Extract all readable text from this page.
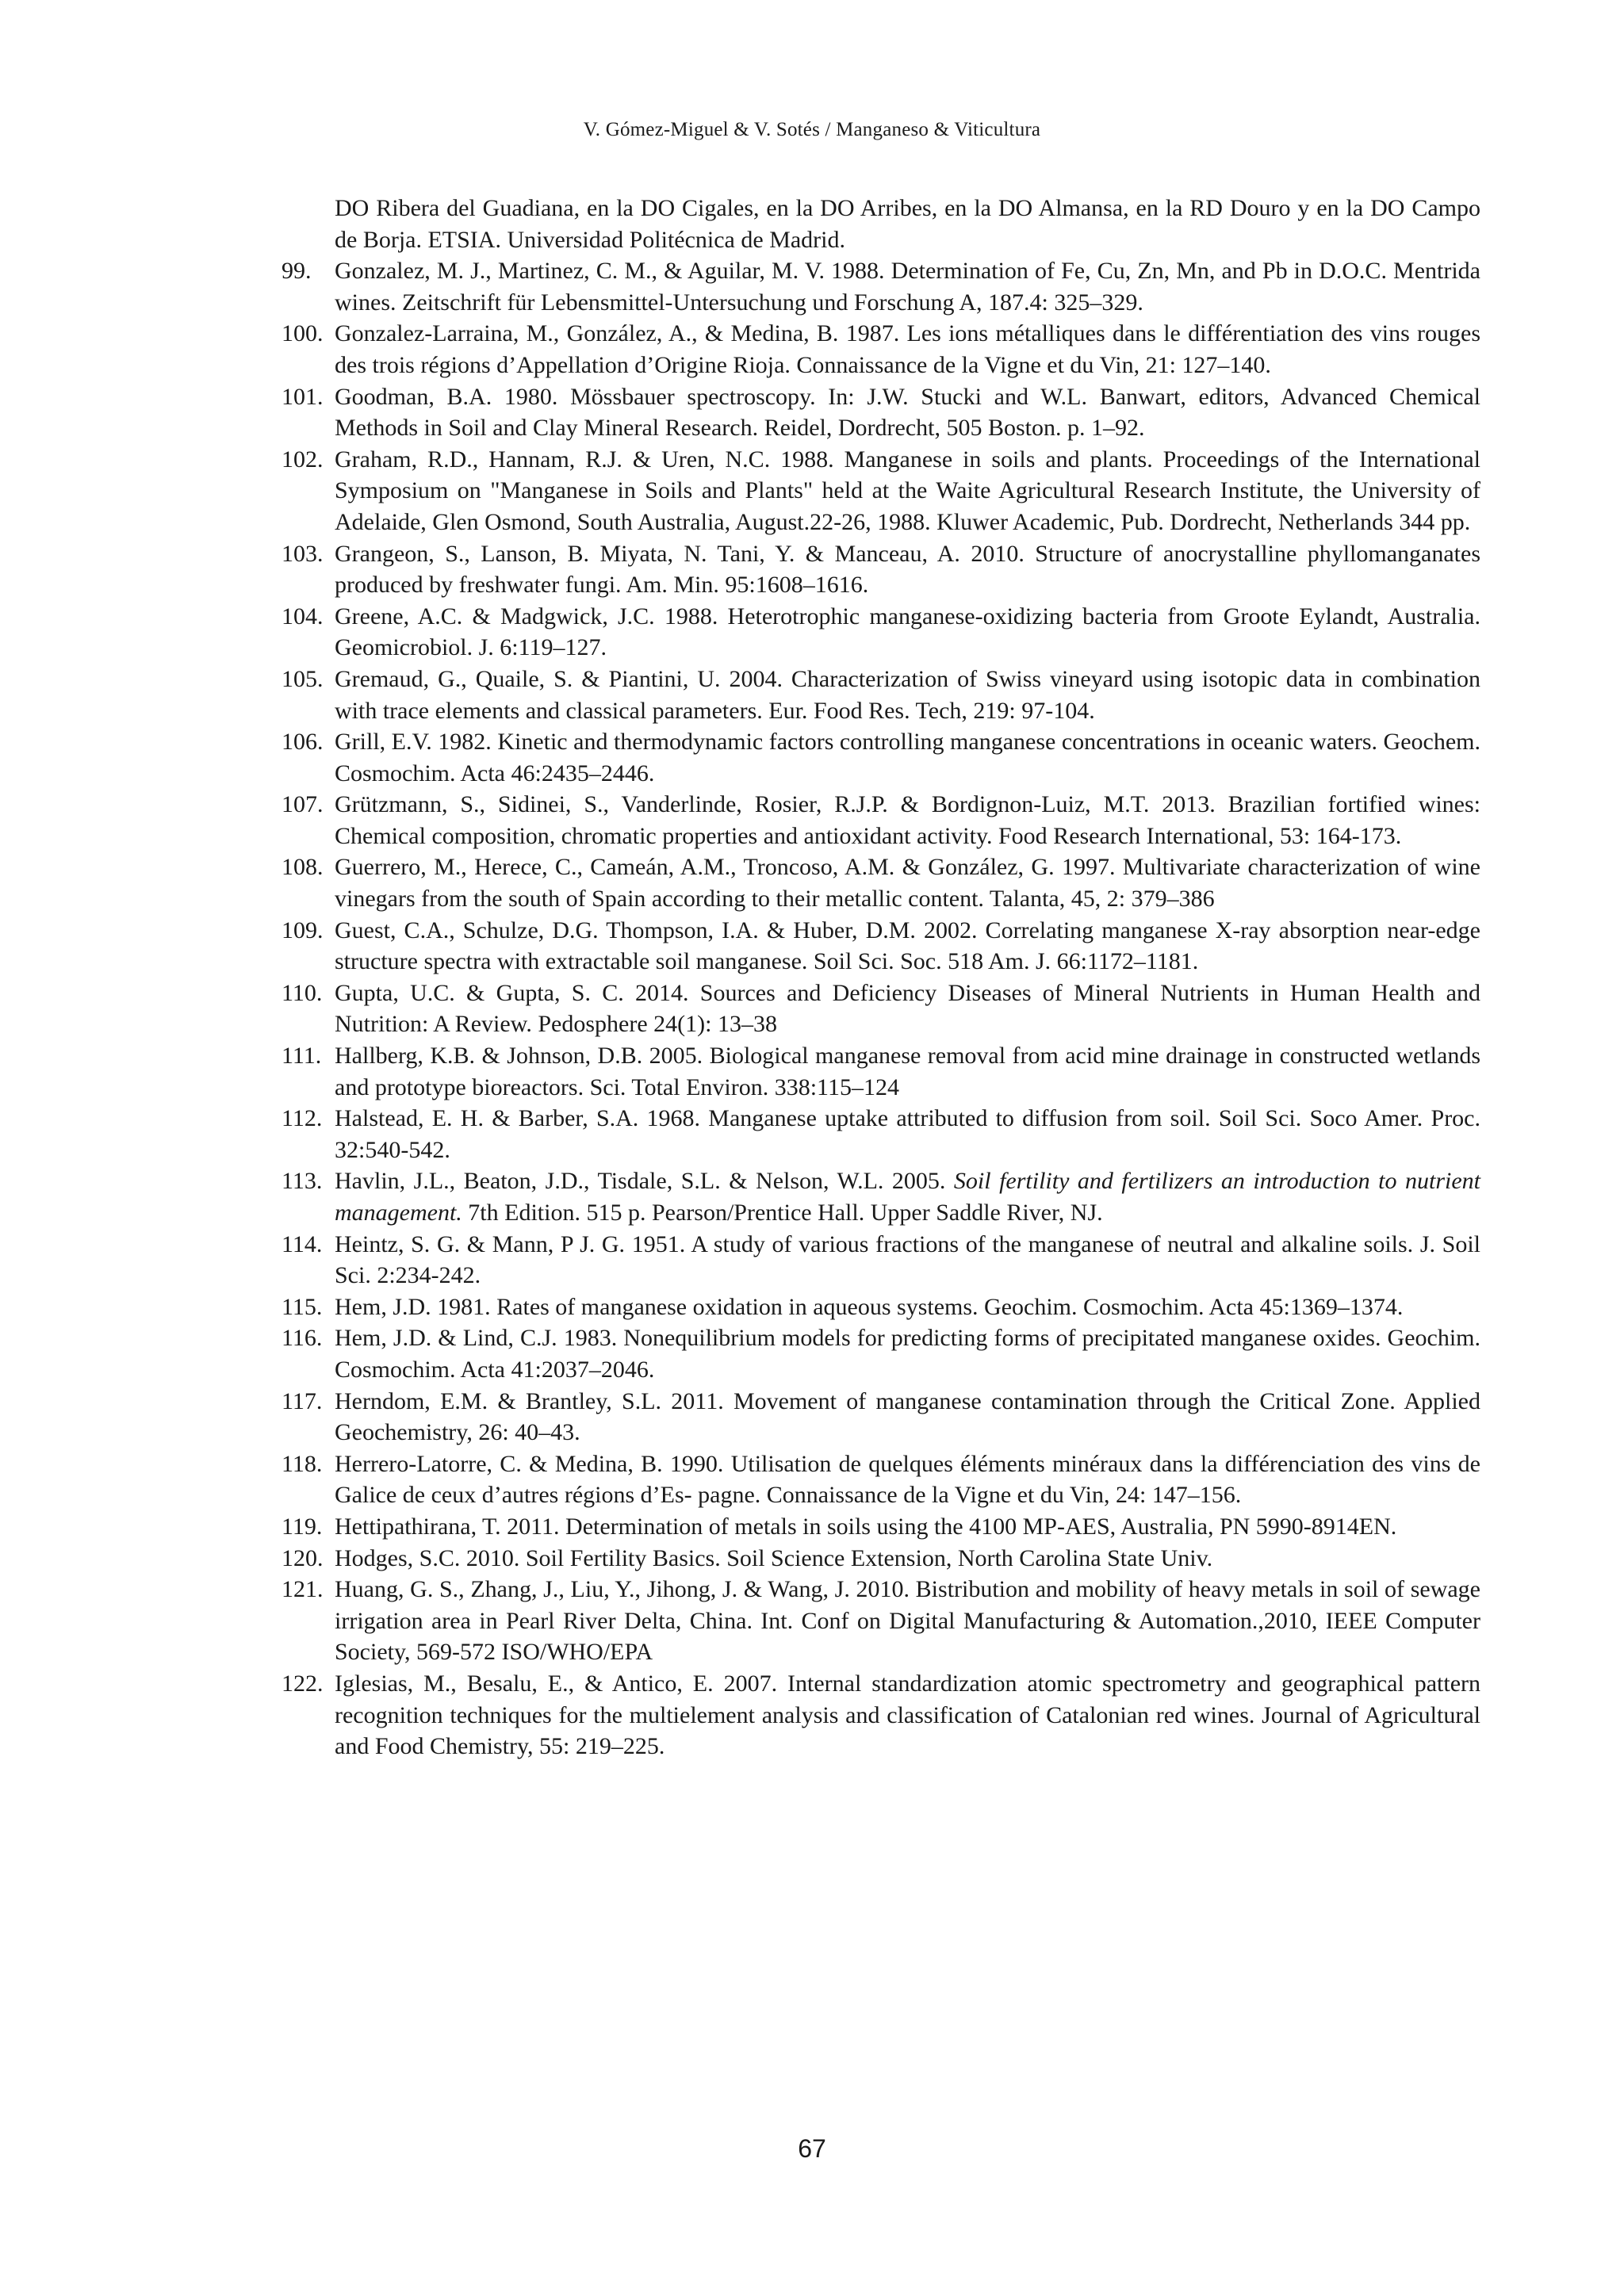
V. Gómez-Miguel & V. Sotés / Manganeso & Viticultura
DO Ribera del Guadiana, en la DO Cigales, en la DO Arribes, en la DO Almansa, en la RD Douro y en la DO Campo de Borja. ETSIA. Universidad Politécnica de Madrid.
99. Gonzalez, M. J., Martinez, C. M., & Aguilar, M. V. 1988. Determination of Fe, Cu, Zn, Mn, and Pb in D.O.C. Mentrida wines. Zeitschrift für Lebensmittel-Untersuchung und Forschung A, 187.4: 325–329.
100. Gonzalez-Larraina, M., González, A., & Medina, B. 1987. Les ions métalliques dans le différentiation des vins rouges des trois régions d’Appellation d’Origine Rioja. Connaissance de la Vigne et du Vin, 21: 127–140.
101. Goodman, B.A. 1980. Mössbauer spectroscopy. In: J.W. Stucki and W.L. Banwart, editors, Advanced Chemical Methods in Soil and Clay Mineral Research. Reidel, Dordrecht, 505 Boston. p. 1–92.
102. Graham, R.D., Hannam, R.J. & Uren, N.C. 1988. Manganese in soils and plants. Proceedings of the International Symposium on "Manganese in Soils and Plants" held at the Waite Agricultural Research Institute, the University of Adelaide, Glen Osmond, South Australia, August.22-26, 1988. Kluwer Academic, Pub. Dordrecht, Netherlands 344 pp.
103. Grangeon, S., Lanson, B. Miyata, N. Tani, Y. & Manceau, A. 2010. Structure of anocrystalline phyllomanganates produced by freshwater fungi. Am. Min. 95:1608–1616.
104. Greene, A.C. & Madgwick, J.C. 1988. Heterotrophic manganese-oxidizing bacteria from Groote Eylandt, Australia. Geomicrobiol. J. 6:119–127.
105. Gremaud, G., Quaile, S. & Piantini, U. 2004. Characterization of Swiss vineyard using isotopic data in combination with trace elements and classical parameters. Eur. Food Res. Tech, 219: 97-104.
106. Grill, E.V. 1982. Kinetic and thermodynamic factors controlling manganese concentrations in oceanic waters. Geochem. Cosmochim. Acta 46:2435–2446.
107. Grützmann, S., Sidinei, S., Vanderlinde, Rosier, R.J.P. & Bordignon-Luiz, M.T. 2013. Brazilian fortified wines: Chemical composition, chromatic properties and antioxidant activity. Food Research International, 53: 164-173.
108. Guerrero, M., Herece, C., Cameán, A.M., Troncoso, A.M. & González, G. 1997. Multivariate characterization of wine vinegars from the south of Spain according to their metallic content. Talanta, 45, 2: 379–386
109. Guest, C.A., Schulze, D.G. Thompson, I.A. & Huber, D.M. 2002. Correlating manganese X-ray absorption near-edge structure spectra with extractable soil manganese. Soil Sci. Soc. 518 Am. J. 66:1172–1181.
110. Gupta, U.C. & Gupta, S. C. 2014. Sources and Deficiency Diseases of Mineral Nutrients in Human Health and Nutrition: A Review. Pedosphere 24(1): 13–38
111. Hallberg, K.B. & Johnson, D.B. 2005. Biological manganese removal from acid mine drainage in constructed wetlands and prototype bioreactors. Sci. Total Environ. 338:115–124
112. Halstead, E. H. & Barber, S.A. 1968. Manganese uptake attributed to diffusion from soil. Soil Sci. Soco Amer. Proc. 32:540-542.
113. Havlin, J.L., Beaton, J.D., Tisdale, S.L. & Nelson, W.L. 2005. Soil fertility and fertilizers an introduction to nutrient management. 7th Edition. 515 p. Pearson/Prentice Hall. Upper Saddle River, NJ.
114. Heintz, S. G. & Mann, P J. G. 1951. A study of various fractions of the manganese of neutral and alkaline soils. J. Soil Sci. 2:234-242.
115. Hem, J.D. 1981. Rates of manganese oxidation in aqueous systems. Geochim. Cosmochim. Acta 45:1369–1374.
116. Hem, J.D. & Lind, C.J. 1983. Nonequilibrium models for predicting forms of precipitated manganese oxides. Geochim. Cosmochim. Acta 41:2037–2046.
117. Herndom, E.M. & Brantley, S.L. 2011. Movement of manganese contamination through the Critical Zone. Applied Geochemistry, 26: 40–43.
118. Herrero-Latorre, C. & Medina, B. 1990. Utilisation de quelques éléments minéraux dans la différenciation des vins de Galice de ceux d’autres régions d’Es- pagne. Connaissance de la Vigne et du Vin, 24: 147–156.
119. Hettipathirana, T. 2011. Determination of metals in soils using the 4100 MP-AES, Australia, PN 5990-8914EN.
120. Hodges, S.C. 2010. Soil Fertility Basics. Soil Science Extension, North Carolina State Univ.
121. Huang, G. S., Zhang, J., Liu, Y., Jihong, J. & Wang, J. 2010. Bistribution and mobility of heavy metals in soil of sewage irrigation area in Pearl River Delta, China. Int. Conf on Digital Manufacturing & Automation.,2010, IEEE Computer Society, 569-572 ISO/WHO/EPA
122. Iglesias, M., Besalu, E., & Antico, E. 2007. Internal standardization atomic spectrometry and geographical pattern recognition techniques for the multielement analysis and classification of Catalonian red wines. Journal of Agricultural and Food Chemistry, 55: 219–225.
67
